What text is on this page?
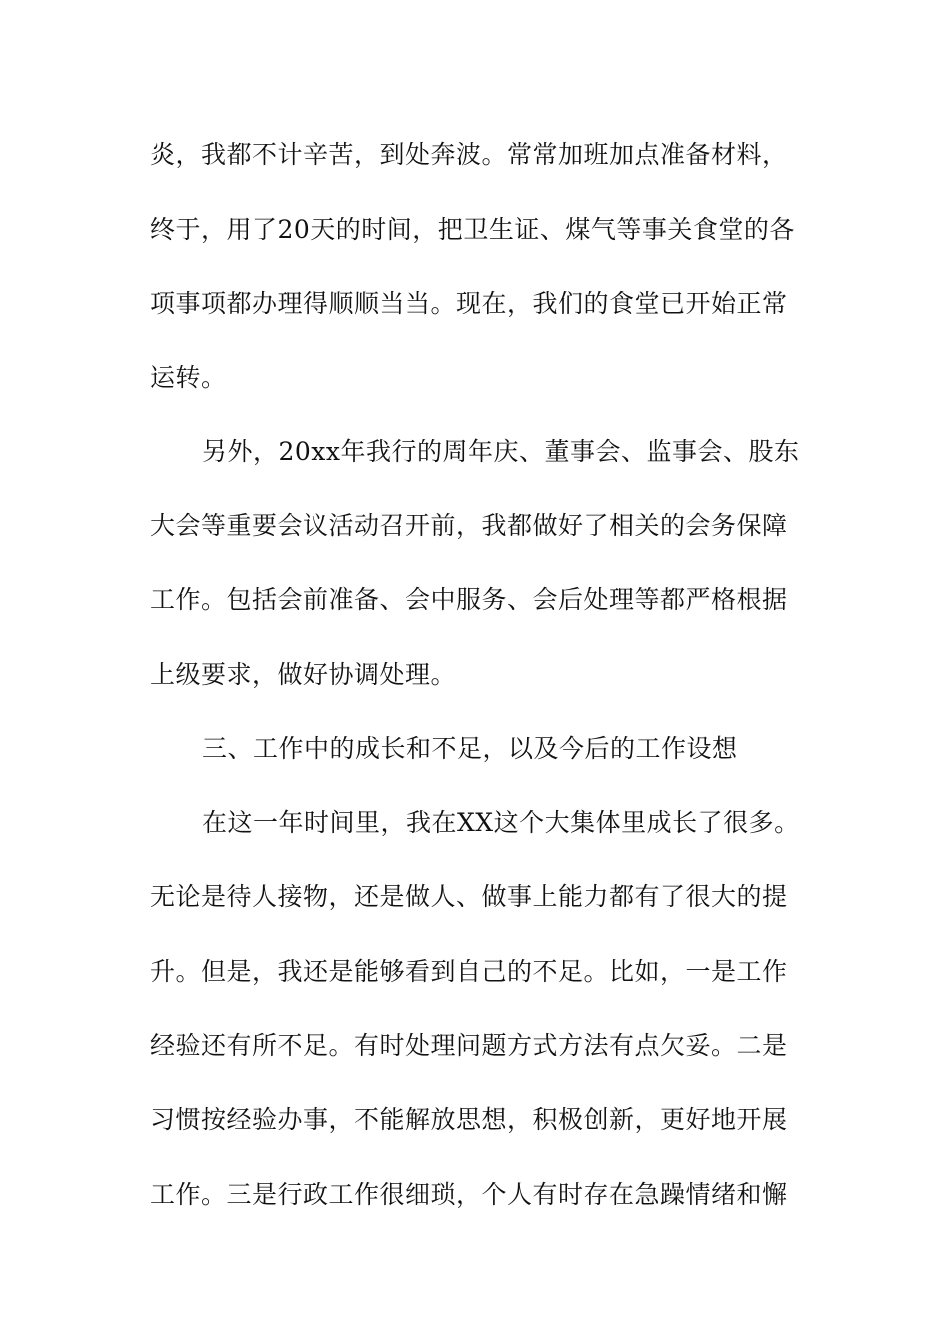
炎，我都不计辛苦，到处奔波。常常加班加点准备材料，
终于，用了20天的时间，把卫生证、煤气等事关食堂的各
项事项都办理得顺顺当当。现在，我们的食堂已开始正常
运转。
另外，20xx年我行的周年庆、董事会、监事会、股东
大会等重要会议活动召开前，我都做好了相关的会务保障
工作。包括会前准备、会中服务、会后处理等都严格根据
上级要求，做好协调处理。
三、工作中的成长和不足，以及今后的工作设想
在这一年时间里，我在XX这个大集体里成长了很多。
无论是待人接物，还是做人、做事上能力都有了很大的提
升。但是，我还是能够看到自己的不足。比如，一是工作
经验还有所不足。有时处理问题方式方法有点欠妥。二是
习惯按经验办事，不能解放思想，积极创新，更好地开展
工作。三是行政工作很细琐，个人有时存在急躁情绪和懈
